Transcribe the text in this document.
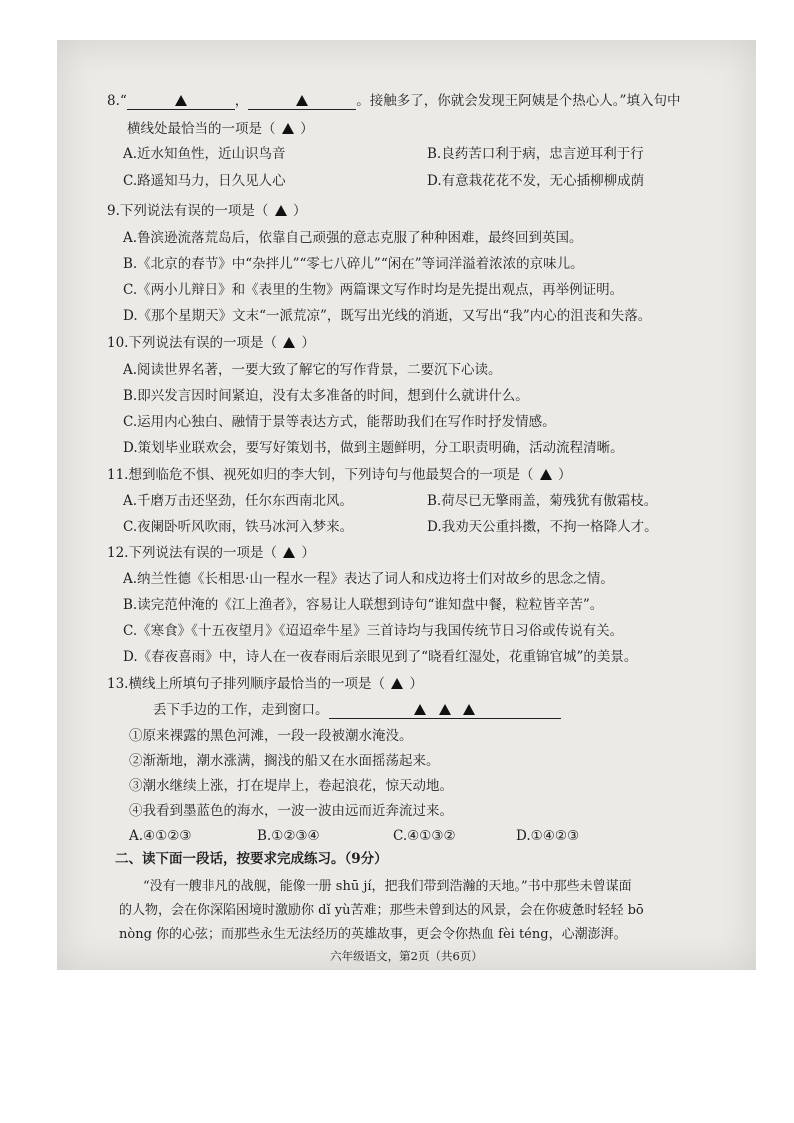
8.“	，	。接触多了，你就会发现王阿姨是个热心人。”填入句中
横线处最恰当的一项是（  ）
A.近水知鱼性，近山识鸟音	B.良药苦口利于病，忠言逆耳利于行
C.路遥知马力，日久见人心	D.有意栽花花不发，无心插柳柳成荫
9.下列说法有误的一项是（  ）
A.鲁滨逊流落荒岛后，依靠自己顽强的意志克服了种种困难，最终回到英国。
B.《北京的春节》中“杂拌儿”“零七八碎儿”“闲在”等词洋溢着浓浓的京味儿。
C.《两小儿辩日》和《表里的生物》两篇课文写作时均是先提出观点，再举例证明。
D.《那个星期天》文末“一派荒凉”，既写出光线的消逝，又写出“我”内心的沮丧和失落。
10.下列说法有误的一项是（  ）
A.阅读世界名著，一要大致了解它的写作背景，二要沉下心读。
B.即兴发言因时间紧迫，没有太多准备的时间，想到什么就讲什么。
C.运用内心独白、融情于景等表达方式，能帮助我们在写作时抒发情感。
D.策划毕业联欢会，要写好策划书，做到主题鲜明，分工职责明确，活动流程清晰。
11.想到临危不惧、视死如归的李大钊，下列诗句与他最契合的一项是（  ）
A.千磨万击还坚劲，任尔东西南北风。	B.荷尽已无擎雨盖，菊残犹有傲霜枝。
C.夜阑卧听风吹雨，铁马冰河入梦来。	D.我劝天公重抖擞，不拘一格降人才。
12.下列说法有误的一项是（  ）
A.纳兰性德《长相思·山一程水一程》表达了词人和戍边将士们对故乡的思念之情。
B.读完范仲淹的《江上渔者》，容易让人联想到诗句“谁知盘中餐，粒粒皆辛苦”。
C.《寒食》《十五夜望月》《迢迢牵牛星》三首诗均与我国传统节日习俗或传说有关。
D.《春夜喜雨》中，诗人在一夜春雨后亲眼见到了“晓看红湿处，花重锦官城”的美景。
13.横线上所填句子排列顺序最恰当的一项是（  ）
丢下手边的工作，走到窗口。
①原来裸露的黑色河滩，一段一段被潮水淹没。
②渐渐地，潮水涨满，搁浅的船又在水面摇荡起来。
③潮水继续上涨，打在堤岸上，卷起浪花，惊天动地。
④我看到墨蓝色的海水，一波一波由远而近奔流过来。
A.④①②③	B.①②③④	C.④①③②	D.①④②③
二、读下面一段话，按要求完成练习。（9分）
“没有一艘非凡的战舰，能像一册 shū jí，把我们带到浩瀚的天地。”书中那些未曾谋面
的人物，会在你深陷困境时激励你 dǐ yù苦难；那些未曾到达的风景，会在你疲惫时轻轻 bō
nòng 你的心弦；而那些永生无法经历的英雄故事，更会令你热血 fèi téng，心潮澎湃。
六年级语文，第2页（共6页）
